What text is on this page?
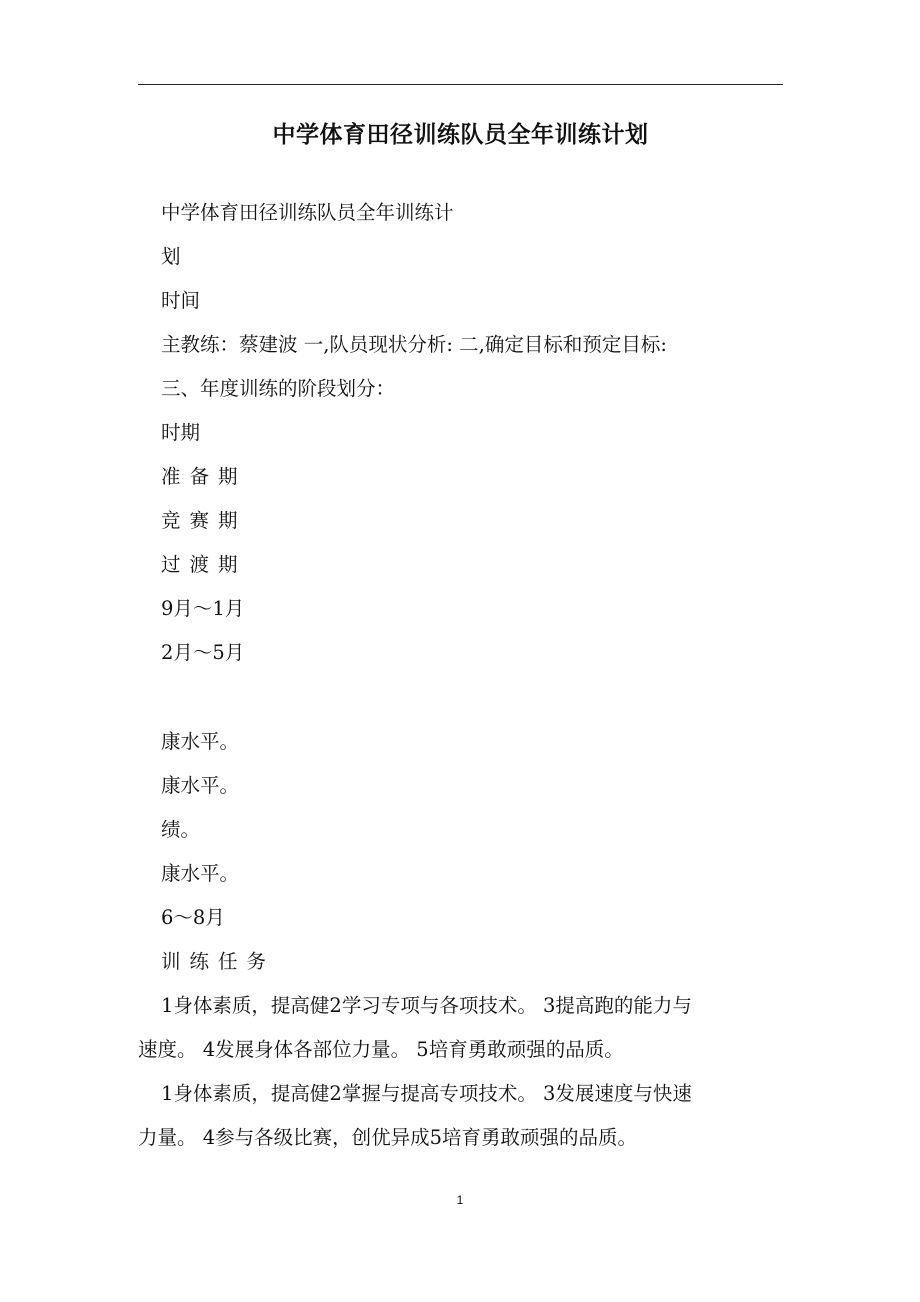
中学体育田径训练队员全年训练计划
中学体育田径训练队员全年训练计
划
时间
主教练：蔡建波 一,队员现状分析: 二,确定目标和预定目标:
三、年度训练的阶段划分：
时期
准备期
竞赛期
过渡期
9月～1月
2月～5月
康水平。
康水平。
绩。
康水平。
6～8月
训练任务
1身体素质，提高健2学习专项与各项技术。 3提高跑的能力与
速度。 4发展身体各部位力量。 5培育勇敢顽强的品质。
1身体素质，提高健2掌握与提高专项技术。 3发展速度与快速
力量。 4参与各级比赛，创优异成5培育勇敢顽强的品质。
1
